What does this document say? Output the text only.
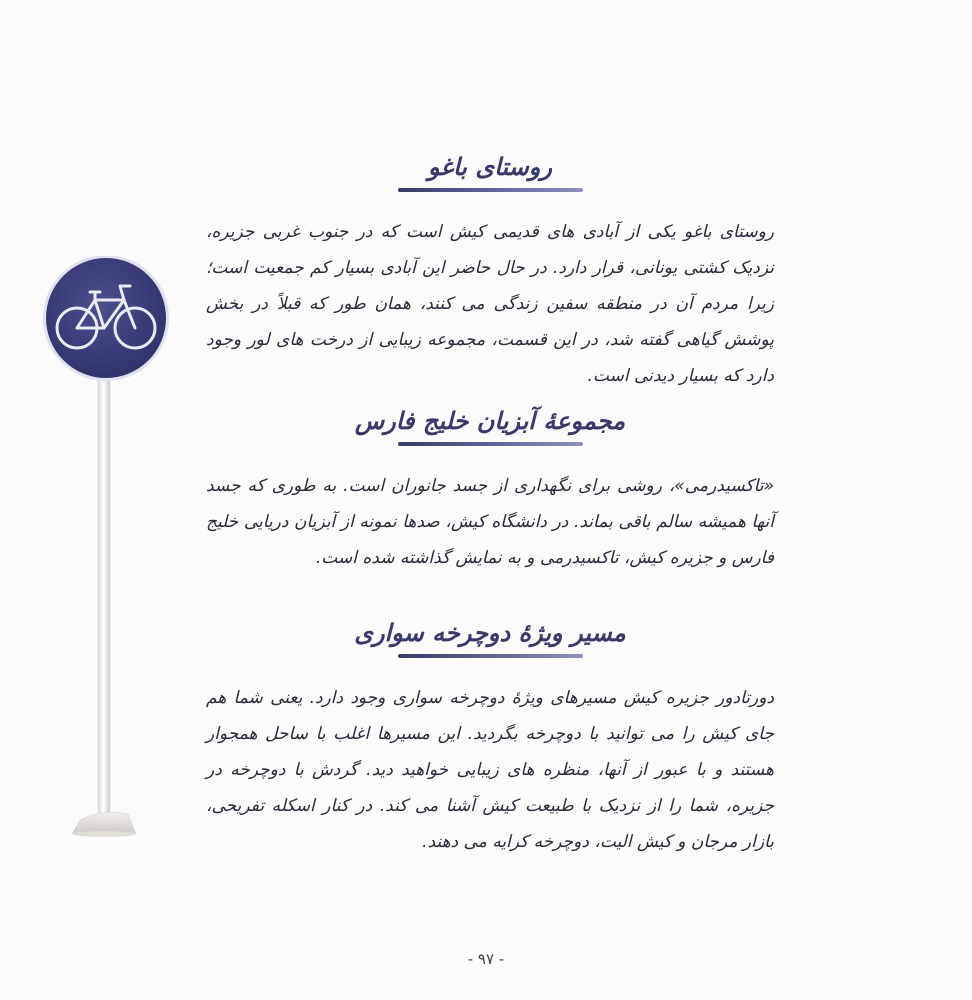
روستای باغو

روستای باغو یکی از آبادی های قدیمی کیش است که در جنوب غربی جزیره، نزدیک کشتی یونانی، قرار دارد. در حال حاضر این آبادی بسیار کم جمعیت است؛ زیرا مردم آن در منطقه سفین زندگی می کنند، همان طور که قبلاً در بخش پوشش گیاهی گفته شد، در این قسمت، مجموعه زیبایی از درخت های لور وجود دارد که بسیار دیدنی است.

مجموعهٔ آبزیان خلیج فارس

«تاکسیدرمی»، روشی برای نگهداری از جسد جانوران است. به طوری که جسد آنها همیشه سالم باقی بماند. در دانشگاه کیش، صدها نمونه از آبزیان دریایی خلیج فارس و جزیره کیش، تاکسیدرمی و به نمایش گذاشته شده است.

مسیر ویژهٔ دوچرخه سواری

دورتادور جزیره کیش مسیرهای ویژهٔ دوچرخه سواری وجود دارد. یعنی شما هم جای کیش را می توانید با دوچرخه بگردید. این مسیرها اغلب با ساحل همجوار هستند و با عبور از آنها، منظره های زیبایی خواهید دید. گردش با دوچرخه در جزیره، شما را از نزدیک با طبیعت کیش آشنا می کند. در کنار اسکله تفریحی، بازار مرجان و کیش الیت، دوچرخه کرایه می دهند.

- ۹۷ -
